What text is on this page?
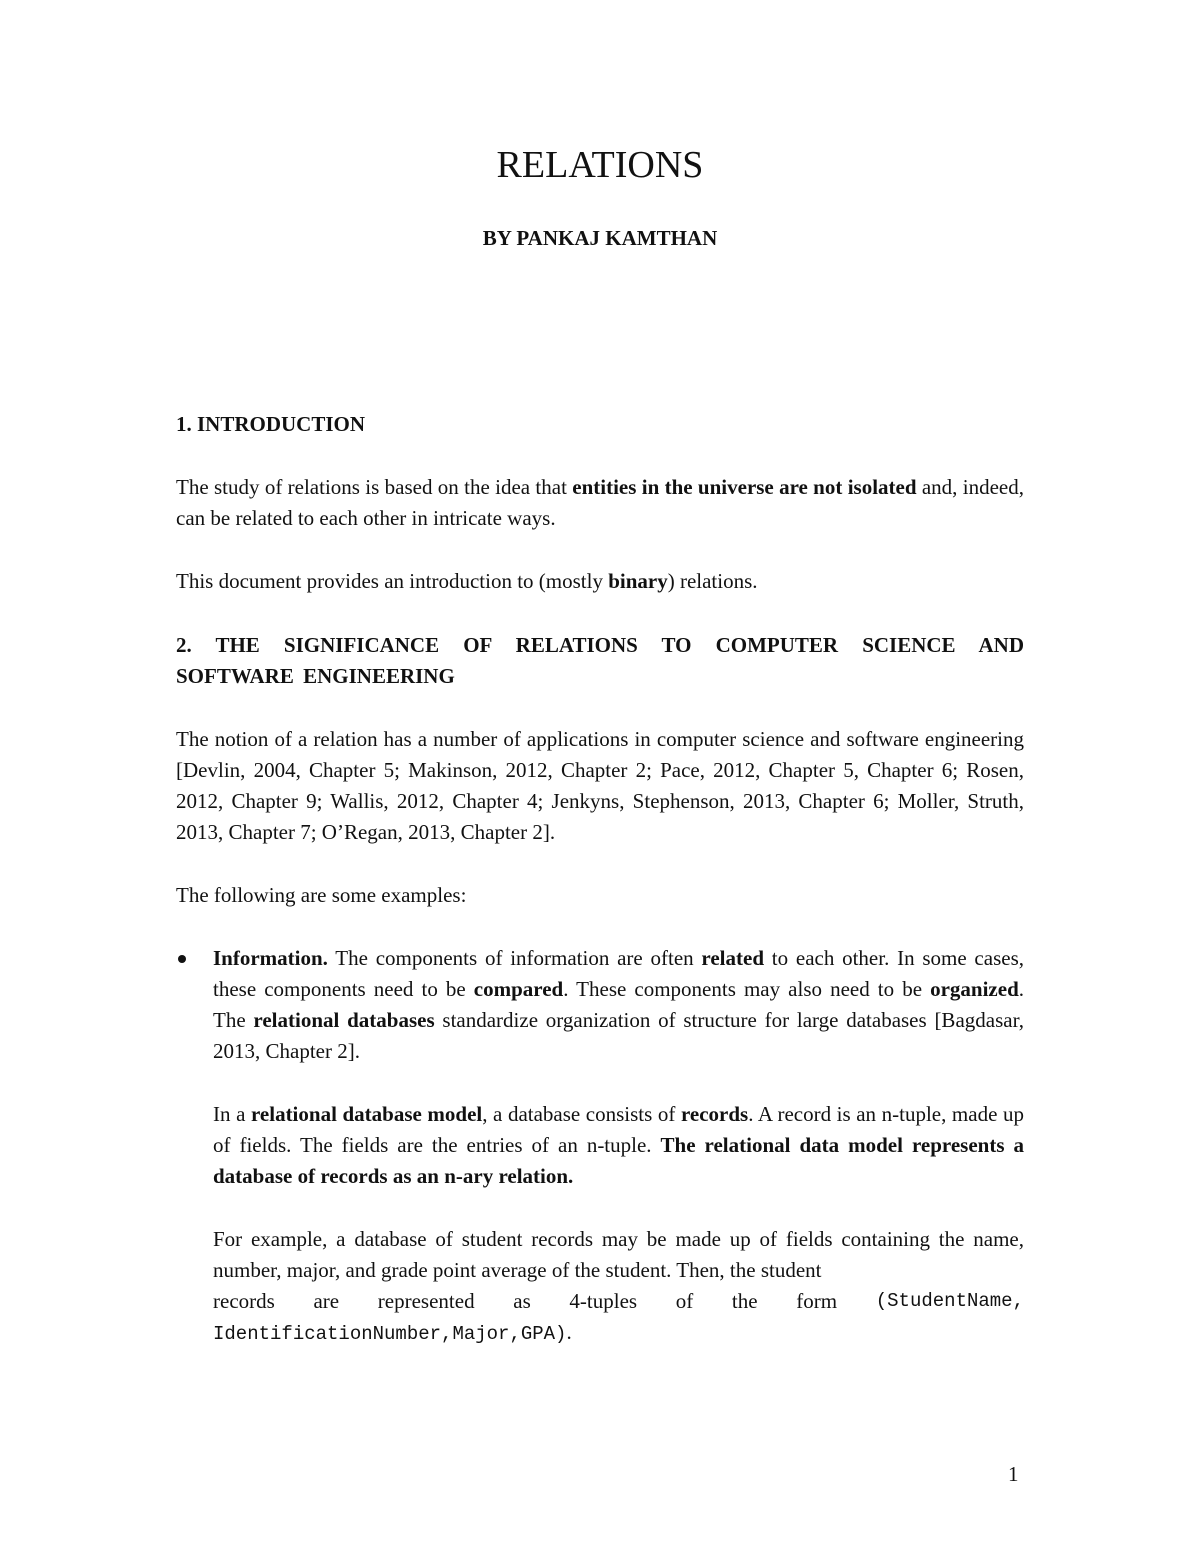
RELATIONS
BY PANKAJ KAMTHAN

1. INTRODUCTION

The study of relations is based on the idea that entities in the universe are not isolated and, indeed, can be related to each other in intricate ways.

This document provides an introduction to (mostly binary) relations.

2. THE SIGNIFICANCE OF RELATIONS TO COMPUTER SCIENCE AND SOFTWARE ENGINEERING

The notion of a relation has a number of applications in computer science and software engineering [Devlin, 2004, Chapter 5; Makinson, 2012, Chapter 2; Pace, 2012, Chapter 5, Chapter 6; Rosen, 2012, Chapter 9; Wallis, 2012, Chapter 4; Jenkyns, Stephenson, 2013, Chapter 6; Moller, Struth, 2013, Chapter 7; O’Regan, 2013, Chapter 2].

The following are some examples:

Information. The components of information are often related to each other. In some cases, these components need to be compared. These components may also need to be organized. The relational databases standardize organization of structure for large databases [Bagdasar, 2013, Chapter 2].

In a relational database model, a database consists of records. A record is an n-tuple, made up of fields. The fields are the entries of an n-tuple. The relational data model represents a database of records as an n-ary relation.

For example, a database of student records may be made up of fields containing the name, number, major, and grade point average of the student. Then, the student

records are represented as 4-tuples of the form (StudentName,

IdentificationNumber,Major,GPA).

1
